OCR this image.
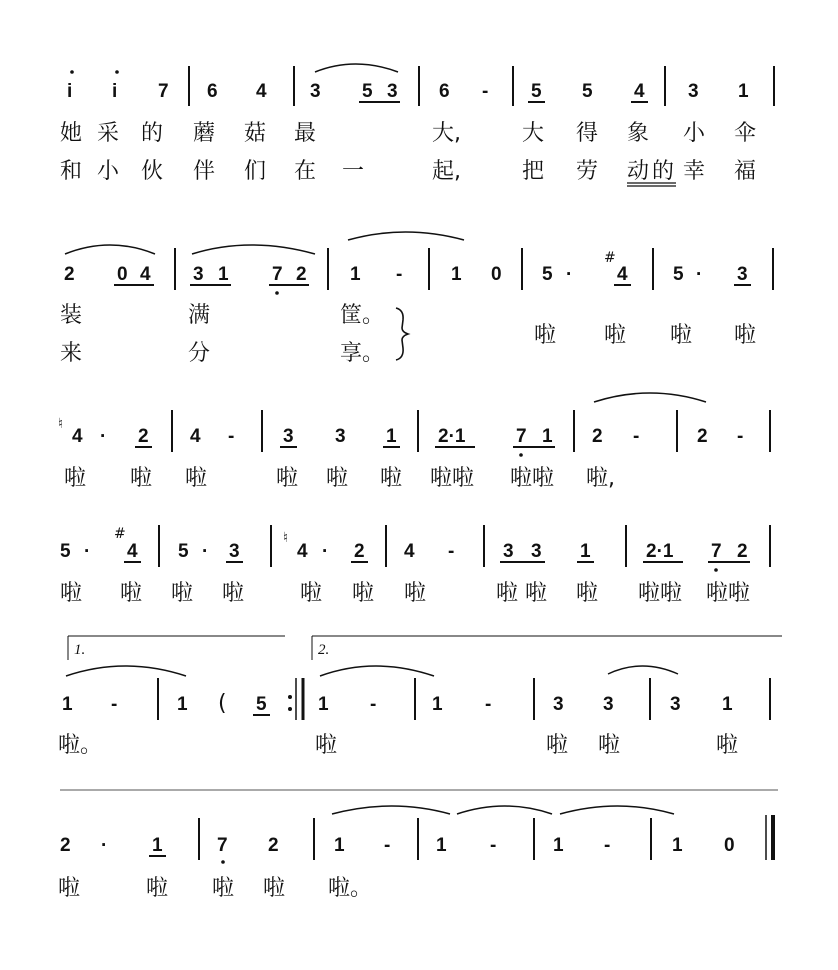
i i 7 6 4 3 5 3 6 - 5 5 4 3 1
她 采 的 蘑 菇 最	大,	大 得 象 小 伞
和 小 伙 伴 们 在 一	起,	把 劳 动 的 幸 福
2 0 4 3 1 7 2 1 -	1 0 5 ·
#
4 5 · 3
装	满	筐。
来	分	享。
啦 啦 啦 啦
♮
4 · 2 4 -	3 3 1 2·1	7 1 2 -	2 -
啦 啦 啦	啦 啦 啦 啦啦 啦啦 啦,
5 ·
#
4 5 · 3
♮
4 · 2 4 -	3 3 1	2·1 7 2
啦 啦 啦 啦	啦 啦 啦	啦 啦 啦 啦啦 啦啦
1.	2.
1 -	1 ( 5	1 -	1 -	3 3	3 1
啦。	啦	啦 啦	啦
2 · 1	7 2	1 - 1 -	1 -	1 0
啦	啦 啦 啦 啦。
